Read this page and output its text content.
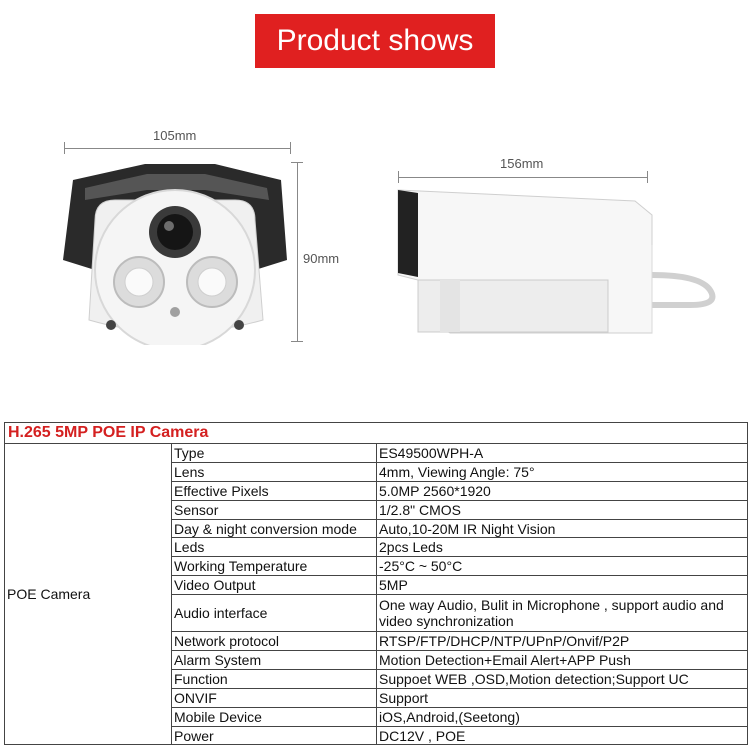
Product shows
105mm
90mm
156mm
H.265 5MP POE IP Camera		
POE Camera	Type	ES49500WPH-A
	Lens	4mm, Viewing Angle: 75°
	Effective Pixels	5.0MP 2560*1920
	Sensor	1/2.8" CMOS
	Day & night conversion mode	Auto,10-20M IR Night Vision
	Leds	2pcs Leds
	Working Temperature	-25°C ~ 50°C
	Video Output	5MP
	Audio interface	One way Audio, Bulit in Microphone , support audio and video synchronization
	Network protocol	RTSP/FTP/DHCP/NTP/UPnP/Onvif/P2P
	Alarm System	Motion Detection+Email Alert+APP Push
	Function	Suppoet WEB ,OSD,Motion detection;Support UC
	ONVIF	Support
	Mobile Device	iOS,Android,(Seetong)
	Power	DC12V , POE
